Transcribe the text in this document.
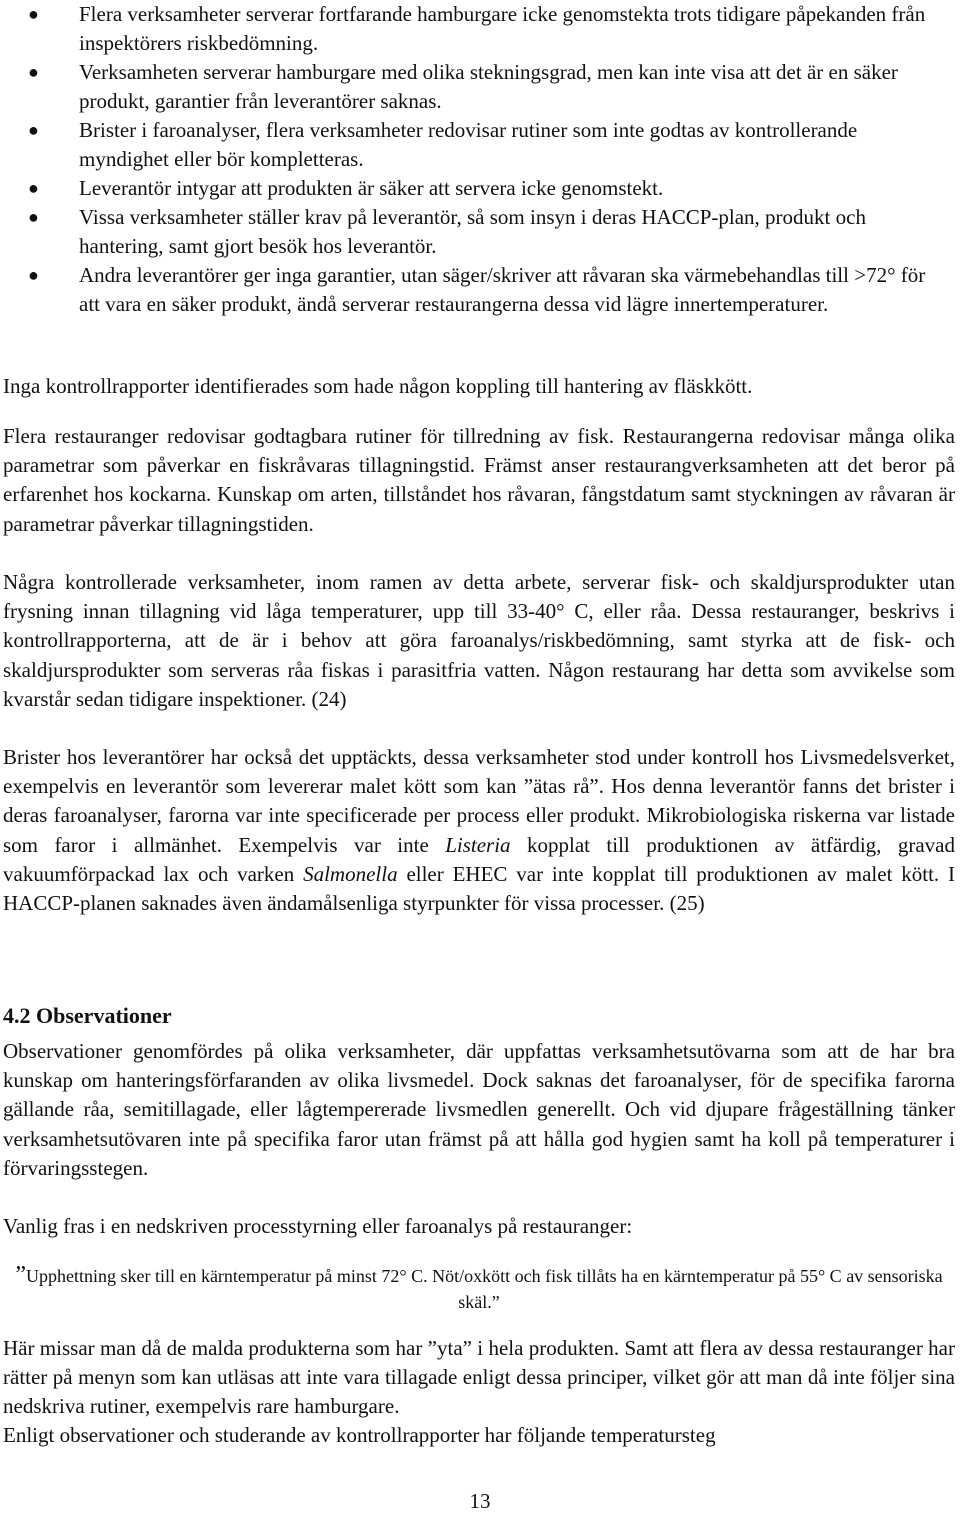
● Flera verksamheter serverar fortfarande hamburgare icke genomstekta trots tidigare påpekanden från inspektörers riskbedömning.
● Verksamheten serverar hamburgare med olika stekningsgrad, men kan inte visa att det är en säker produkt, garantier från leverantörer saknas.
● Brister i faroanalyser, flera verksamheter redovisar rutiner som inte godtas av kontrollerande myndighet eller bör kompletteras.
● Leverantör intygar att produkten är säker att servera icke genomstekt.
● Vissa verksamheter ställer krav på leverantör, så som insyn i deras HACCP-plan, produkt och hantering, samt gjort besök hos leverantör.
● Andra leverantörer ger inga garantier, utan säger/skriver att råvaran ska värmebehandlas till >72° för att vara en säker produkt, ändå serverar restaurangerna dessa vid lägre innertemperaturer.

Inga kontrollrapporter identifierades som hade någon koppling till hantering av fläskkött.

Flera restauranger redovisar godtagbara rutiner för tillredning av fisk. Restaurangerna redovisar många olika parametrar som påverkar en fiskråvaras tillagningstid. Främst anser restaurangverksamheten att det beror på erfarenhet hos kockarna. Kunskap om arten, tillståndet hos råvaran, fångstdatum samt styckningen av råvaran är parametrar påverkar tillagningstiden.

Några kontrollerade verksamheter, inom ramen av detta arbete, serverar fisk- och skaldjursprodukter utan frysning innan tillagning vid låga temperaturer, upp till 33-40° C, eller råa. Dessa restauranger, beskrivs i kontrollrapporterna, att de är i behov att göra faroanalys/riskbedömning, samt styrka att de fisk- och skaldjursprodukter som serveras råa fiskas i parasitfria vatten. Någon restaurang har detta som avvikelse som kvarstår sedan tidigare inspektioner. (24)

Brister hos leverantörer har också det upptäckts, dessa verksamheter stod under kontroll hos Livsmedelsverket, exempelvis en leverantör som levererar malet kött som kan ”ätas rå”. Hos denna leverantör fanns det brister i deras faroanalyser, farorna var inte specificerade per process eller produkt. Mikrobiologiska riskerna var listade som faror i allmänhet. Exempelvis var inte Listeria kopplat till produktionen av ätfärdig, gravad vakuumförpackad lax och varken Salmonella eller EHEC var inte kopplat till produktionen av malet kött. I HACCP-planen saknades även ändamålsenliga styrpunkter för vissa processer. (25)

4.2 Observationer

Observationer genomfördes på olika verksamheter, där uppfattas verksamhetsutövarna som att de har bra kunskap om hanteringsförfaranden av olika livsmedel. Dock saknas det faroanalyser, för de specifika farorna gällande råa, semitillagade, eller lågtempererade livsmedlen generellt. Och vid djupare frågeställning tänker verksamhetsutövaren inte på specifika faror utan främst på att hålla god hygien samt ha koll på temperaturer i förvaringsstegen.

Vanlig fras i en nedskriven processtyrning eller faroanalys på restauranger:

”Upphettning sker till en kärntemperatur på minst 72° C. Nöt/oxkött och fisk tillåts ha en kärntemperatur på 55° C av sensoriska skäl.”

Här missar man då de malda produkterna som har ”yta” i hela produkten. Samt att flera av dessa restauranger har rätter på menyn som kan utläsas att inte vara tillagade enligt dessa principer, vilket gör att man då inte följer sina nedskriva rutiner, exempelvis rare hamburgare.

Enligt observationer och studerande av kontrollrapporter har följande temperatursteg

13
